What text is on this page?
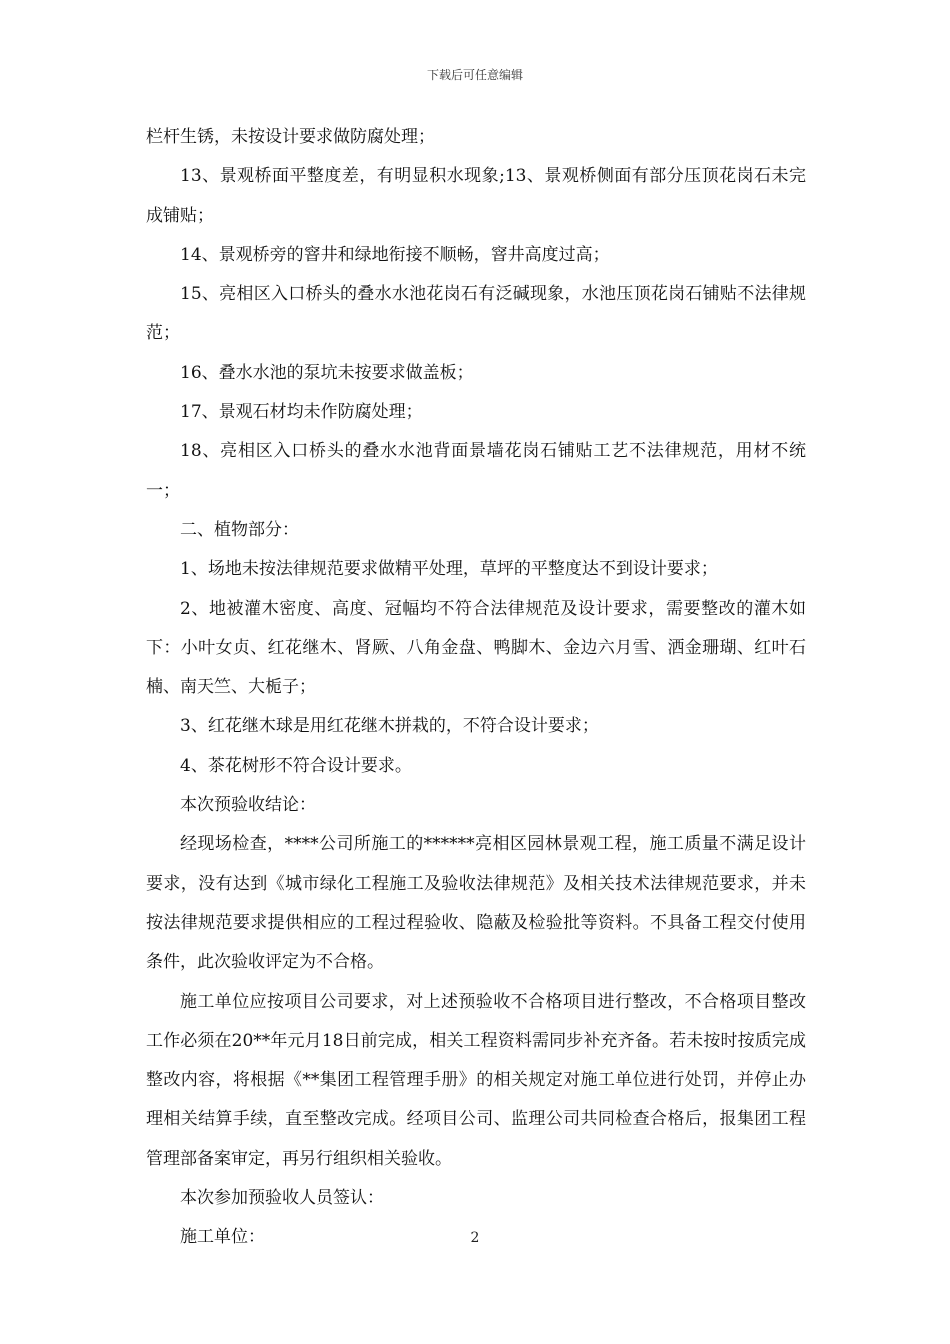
下载后可任意编辑

栏杆生锈，未按设计要求做防腐处理；

13、景观桥面平整度差，有明显积水现象;13、景观桥侧面有部分压顶花岗石未完成铺贴；

14、景观桥旁的窨井和绿地衔接不顺畅，窨井高度过高；

15、亮相区入口桥头的叠水水池花岗石有泛碱现象，水池压顶花岗石铺贴不法律规范；

16、叠水水池的泵坑未按要求做盖板；

17、景观石材均未作防腐处理；

18、亮相区入口桥头的叠水水池背面景墙花岗石铺贴工艺不法律规范，用材不统一；

二、植物部分：

1、场地未按法律规范要求做精平处理，草坪的平整度达不到设计要求；

2、地被灌木密度、高度、冠幅均不符合法律规范及设计要求，需要整改的灌木如下：小叶女贞、红花继木、肾厥、八角金盘、鸭脚木、金边六月雪、洒金珊瑚、红叶石楠、南天竺、大栀子；

3、红花继木球是用红花继木拼栽的，不符合设计要求；

4、茶花树形不符合设计要求。

本次预验收结论：

经现场检查，****公司所施工的******亮相区园林景观工程，施工质量不满足设计要求，没有达到《城市绿化工程施工及验收法律规范》及相关技术法律规范要求，并未按法律规范要求提供相应的工程过程验收、隐蔽及检验批等资料。不具备工程交付使用条件，此次验收评定为不合格。

施工单位应按项目公司要求，对上述预验收不合格项目进行整改，不合格项目整改工作必须在20**年元月18日前完成，相关工程资料需同步补充齐备。若未按时按质完成整改内容，将根据《**集团工程管理手册》的相关规定对施工单位进行处罚，并停止办理相关结算手续，直至整改完成。经项目公司、监理公司共同检查合格后，报集团工程管理部备案审定，再另行组织相关验收。

本次参加预验收人员签认：

施工单位：	2
